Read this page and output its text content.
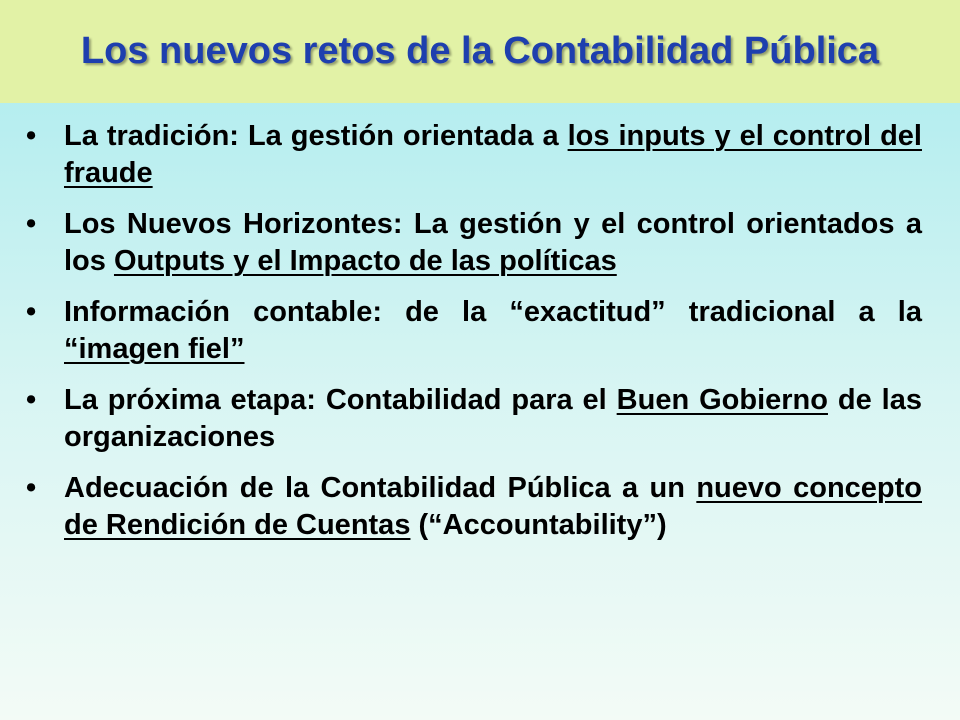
Los nuevos retos de la Contabilidad Pública
• La tradición: La gestión orientada a los inputs y el control del fraude
• Los Nuevos Horizontes: La gestión y el control orientados a los Outputs y el Impacto de las políticas
• Información contable: de la “exactitud” tradicional a la “imagen fiel”
• La próxima etapa: Contabilidad para el Buen Gobierno de las organizaciones
• Adecuación de la Contabilidad Pública a un nuevo concepto de Rendición de Cuentas (“Accountability”)
